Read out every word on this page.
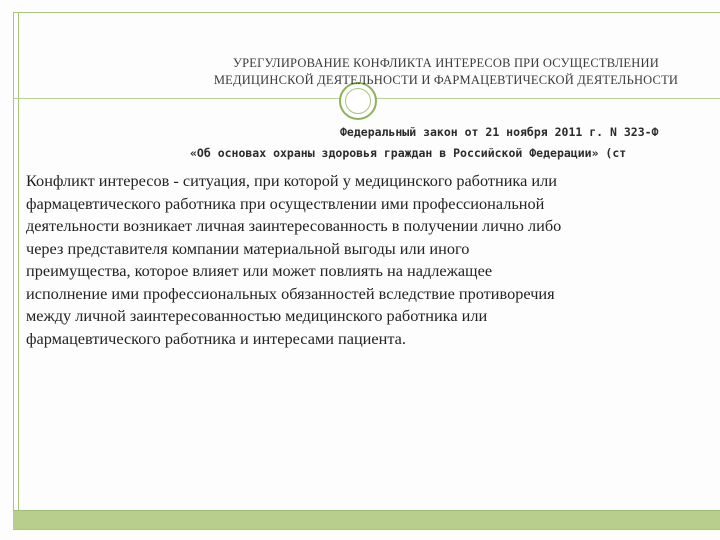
УРЕГУЛИРОВАНИЕ КОНФЛИКТА ИНТЕРЕСОВ ПРИ ОСУЩЕСТВЛЕНИИ
МЕДИЦИНСКОЙ ДЕЯТЕЛЬНОСТИ И ФАРМАЦЕВТИЧЕСКОЙ ДЕЯТЕЛЬНОСТИ
Федеральный закон от 21 ноября 2011 г. N 323-Ф
«Об основах охраны здоровья граждан в Российской Федерации» (ст
Конфликт интересов - ситуация, при которой у медицинского работника или
фармацевтического работника при осуществлении ими профессиональной
деятельности возникает личная заинтересованность в получении лично либо
через представителя компании материальной выгоды или иного
преимущества, которое влияет или может повлиять на надлежащее
исполнение ими профессиональных обязанностей вследствие противоречия
между личной заинтересованностью медицинского работника или
фармацевтического работника и интересами пациента.
